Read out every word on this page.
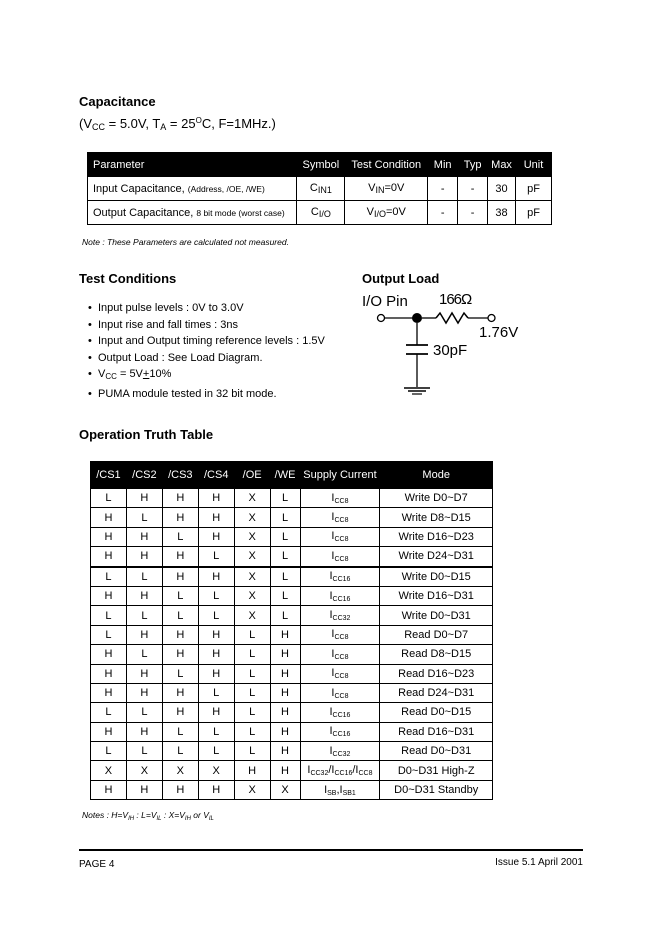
Capacitance
($V_{CC} = 5.0V$, $T_A = 25^OC$, F=1MHz.)
Parameter	Symbol	Test Condition	Min	Typ	Max	Unit
Input Capacitance, (Address, /OE, /WE)	$C_{IN1}$	$V_{IN}=0V$	-	-	30	pF
Output Capacitance, 8 bit mode (worst case)	$C_{I/O}$	$V_{I/O}=0V$	-	-	38	pF
Note : These Parameters are calculated not measured.
Test Conditions
• Input pulse levels : 0V to 3.0V
• Input rise and fall times : 3ns
• Input and Output timing reference levels : 1.5V
• Output Load : See Load Diagram.
• $V_{CC} = 5V+10\%$
• PUMA module tested in 32 bit mode.
Output Load
I/O Pin 166Ω
1.76V
30pF
Operation Truth Table
/CS1	/CS2	/CS3	/CS4	/OE	/WE	Supply Current	Mode
L	H	H	H	X	L	ICC8	Write D0~D7
H	L	H	H	X	L	ICC8	Write D8~D15
H	H	L	H	X	L	ICC8	Write D16~D23
H	H	H	L	X	L	ICC8	Write D24~D31
L	L	H	H	X	L	ICC16	Write D0~D15
H	H	L	L	X	L	ICC16	Write D16~D31
L	L	L	L	X	L	ICC32	Write D0~D31
L	H	H	H	L	H	ICC8	Read D0~D7
H	L	H	H	L	H	ICC8	Read D8~D15
H	H	L	H	L	H	ICC8	Read D16~D23
H	H	H	L	L	H	ICC8	Read D24~D31
L	L	H	H	L	H	ICC16	Read D0~D15
H	H	L	L	L	H	ICC16	Read D16~D31
L	L	L	L	L	H	ICC32	Read D0~D31
X	X	X	X	H	H	ICC32/ICC16/ICC8	D0~D31 High-Z
H	H	H	H	X	X	ISB,ISB1	D0~D31 Standby
Notes : $H=V_{IH}$ : $L=V_{IL}$ : $X=V_{IH}$ or $V_{IL}$
PAGE 4	Issue 5.1 April 2001
